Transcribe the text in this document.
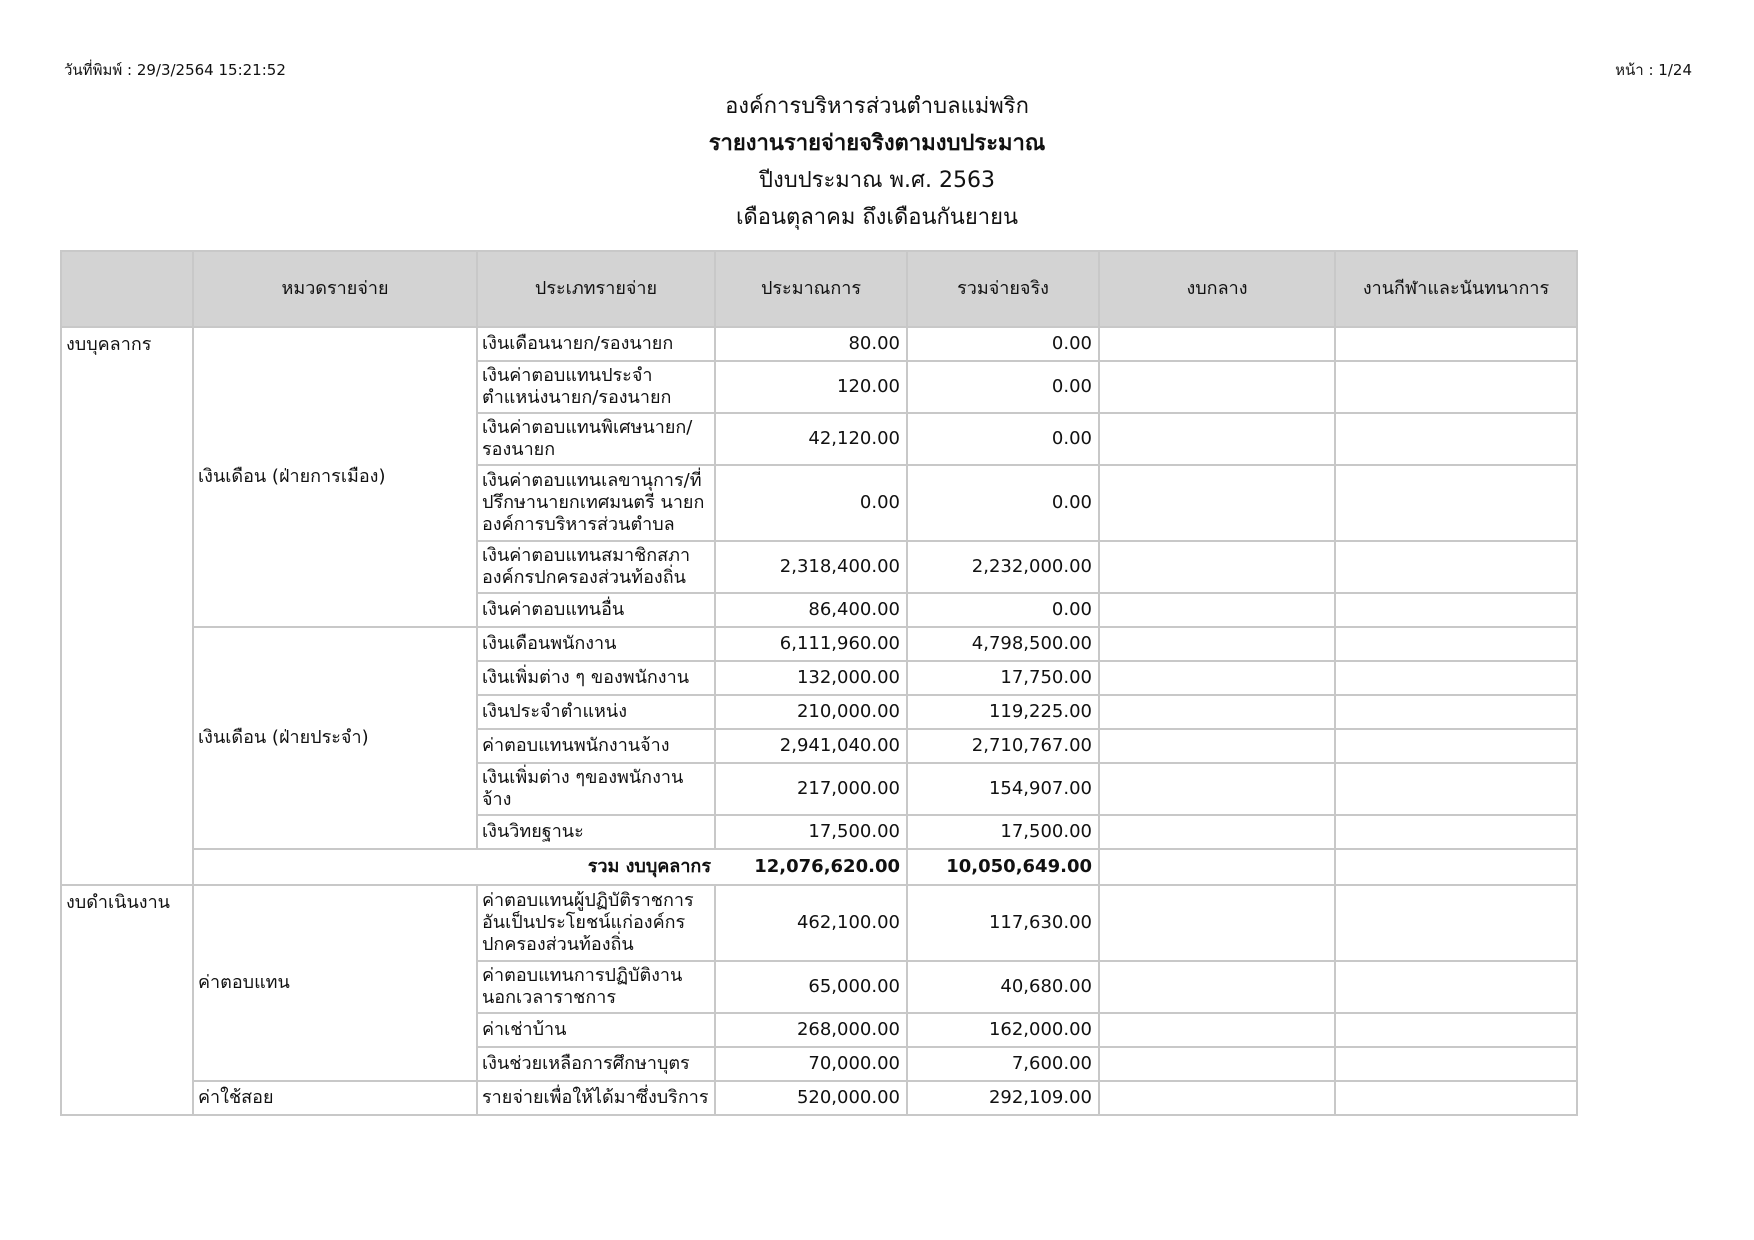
วันที่พิมพ์ : 29/3/2564 15:21:52	หน้า : 1/24
องค์การบริหารส่วนตำบลแม่พริก
รายงานรายจ่ายจริงตามงบประมาณ
ปีงบประมาณ พ.ศ. 2563
เดือนตุลาคม ถึงเดือนกันยายน
	หมวดรายจ่าย	ประเภทรายจ่าย	ประมาณการ	รวมจ่ายจริง	งบกลาง	งานกีฬาและนันทนาการ
งบบุคลากร	เงินเดือน (ฝ่ายการเมือง)	เงินเดือนนายก/รองนายก	80.00	0.00		
		เงินค่าตอบแทนประจำตำแหน่งนายก/รองนายก	120.00	0.00		
		เงินค่าตอบแทนพิเศษนายก/รองนายก	42,120.00	0.00		
		เงินค่าตอบแทนเลขานุการ/ที่ปรึกษานายกเทศมนตรี นายกองค์การบริหารส่วนตำบล	0.00	0.00		
		เงินค่าตอบแทนสมาชิกสภาองค์กรปกครองส่วนท้องถิ่น	2,318,400.00	2,232,000.00		
		เงินค่าตอบแทนอื่น	86,400.00	0.00		
	เงินเดือน (ฝ่ายประจำ)	เงินเดือนพนักงาน	6,111,960.00	4,798,500.00		
		เงินเพิ่มต่าง ๆ ของพนักงาน	132,000.00	17,750.00		
		เงินประจำตำแหน่ง	210,000.00	119,225.00		
		ค่าตอบแทนพนักงานจ้าง	2,941,040.00	2,710,767.00		
		เงินเพิ่มต่าง ๆของพนักงานจ้าง	217,000.00	154,907.00		
		เงินวิทยฐานะ	17,500.00	17,500.00		
	รวม งบบุคลากร		12,076,620.00	10,050,649.00		
งบดำเนินงาน	ค่าตอบแทน	ค่าตอบแทนผู้ปฏิบัติราชการอันเป็นประโยชน์แก่องค์กรปกครองส่วนท้องถิ่น	462,100.00	117,630.00		
		ค่าตอบแทนการปฏิบัติงานนอกเวลาราชการ	65,000.00	40,680.00		
		ค่าเช่าบ้าน	268,000.00	162,000.00		
		เงินช่วยเหลือการศึกษาบุตร	70,000.00	7,600.00		
	ค่าใช้สอย	รายจ่ายเพื่อให้ได้มาซึ่งบริการ	520,000.00	292,109.00		
